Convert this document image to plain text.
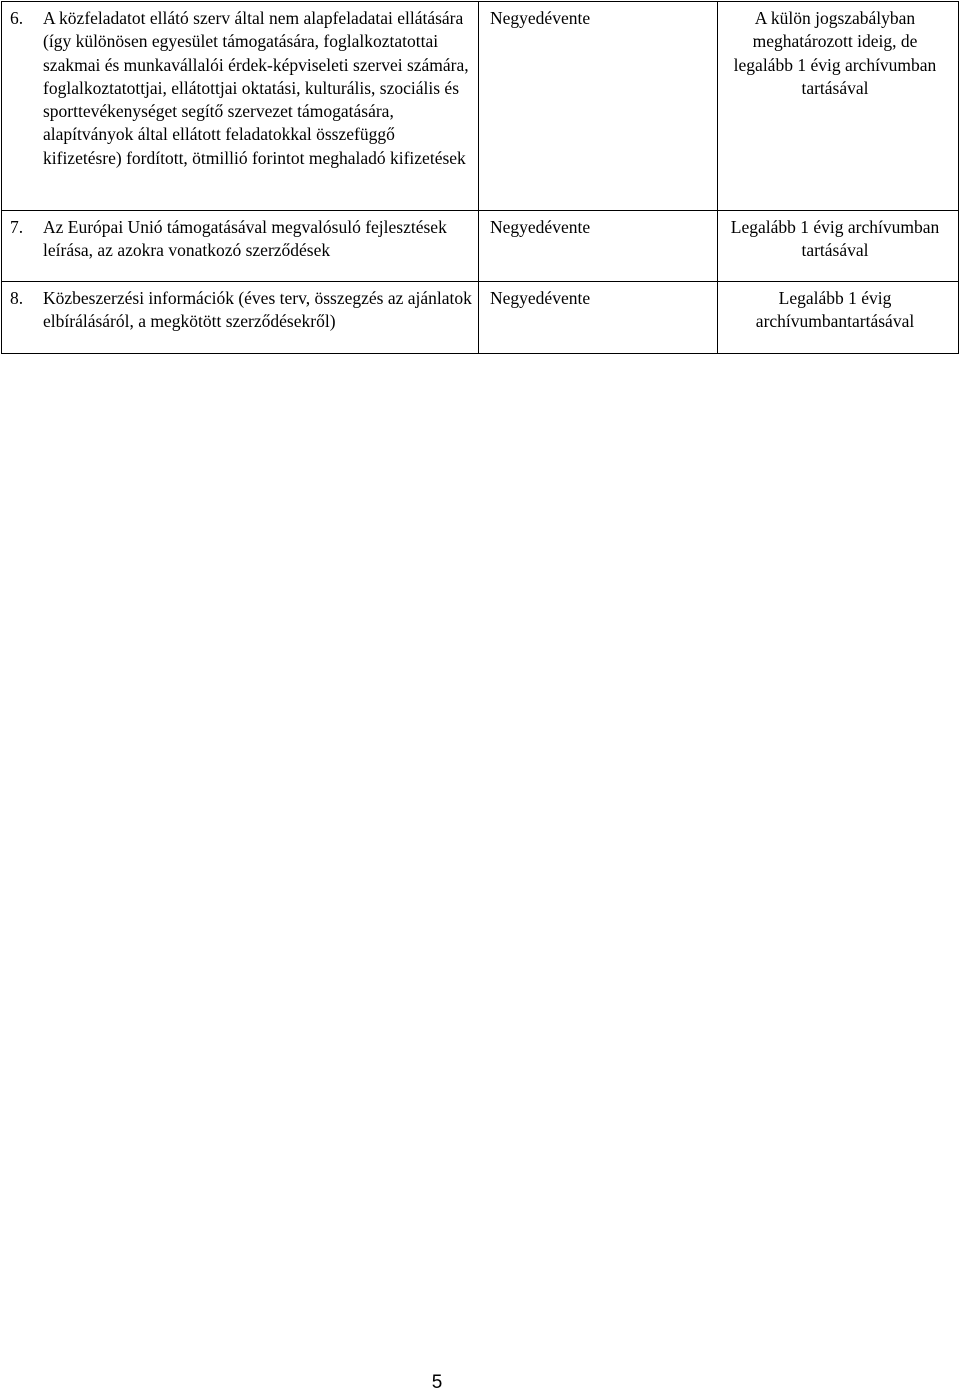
6. A közfeladatot ellátó szerv által nem alapfeladatai ellátására (így különösen egyesület támogatására, foglalkoztatottai szakmai és munkavállalói érdek-képviseleti szervei számára, foglalkoztatottjai, ellátottjai oktatási, kulturális, szociális és sporttevékenységet segítő szervezet támogatására, alapítványok által ellátott feladatokkal összefüggő kifizetésre) fordított, ötmillió forintot meghaladó kifizetések	Negyedévente	A külön jogszabályban meghatározott ideig, de legalább 1 évig archívumban tartásával

7. Az Európai Unió támogatásával megvalósuló fejlesztések leírása, az azokra vonatkozó szerződések	Negyedévente	Legalább 1 évig archívumban tartásával

8. Közbeszerzési információk (éves terv, összegzés az ajánlatok elbírálásáról, a megkötött szerződésekről)	Negyedévente	Legalább 1 évig archívumbantartásával
5
